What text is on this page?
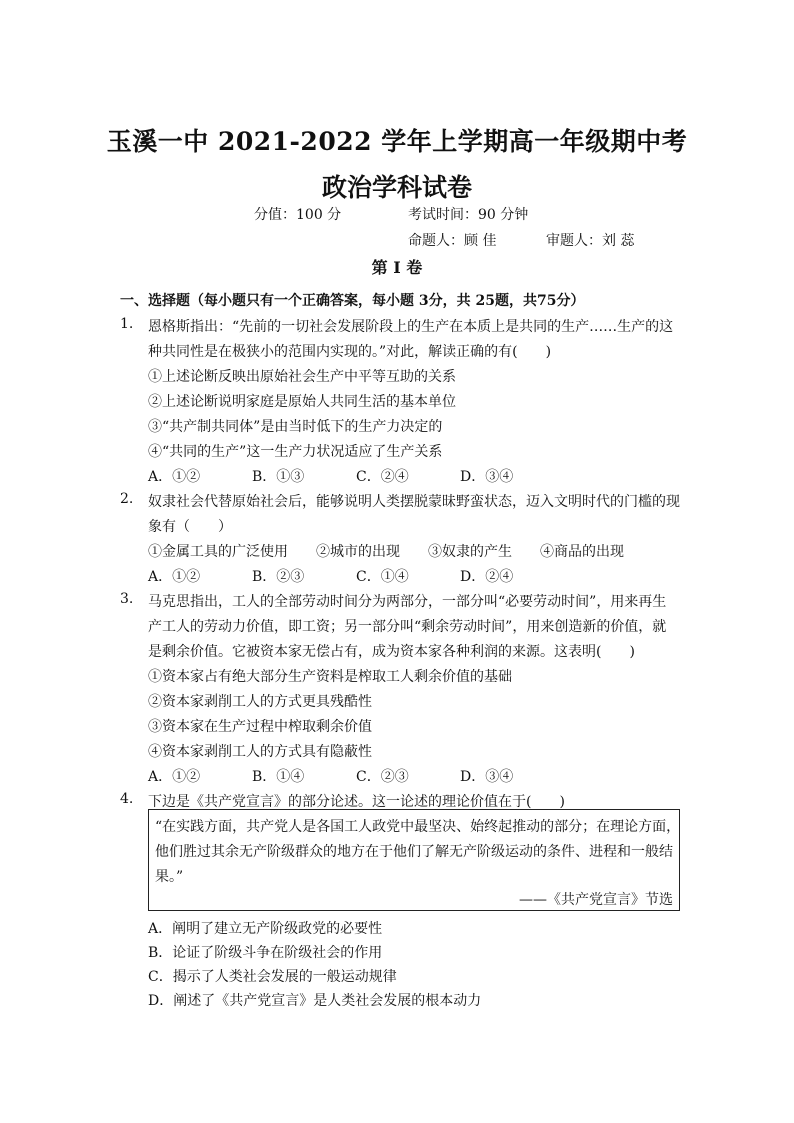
玉溪一中 2021-2022 学年上学期高一年级期中考
政治学科试卷
分值：100 分	考试时间：90 分钟
命题人：顾 佳	审题人：刘 蕊
第 I 卷
一、选择题（每小题只有一个正确答案，每小题 3分，共 25题，共75分）
1.	恩格斯指出：“先前的一切社会发展阶段上的生产在本质上是共同的生产……生产的这
种共同性是在极狭小的范围内实现的。”对此，解读正确的有(　　)
①上述论断反映出原始社会生产中平等互助的关系
②上述论断说明家庭是原始人共同生活的基本单位
③“共产制共同体”是由当时低下的生产力决定的
④“共同的生产”这一生产力状况适应了生产关系
A．①②	B．①③	C．②④	D．③④
2.	奴隶社会代替原始社会后，能够说明人类摆脱蒙昧野蛮状态，迈入文明时代的门槛的现
象有（　　）
①金属工具的广泛使用　　②城市的出现　　③奴隶的产生　　④商品的出现
A．①②	B．②③	C．①④	D．②④
3.	马克思指出，工人的全部劳动时间分为两部分，一部分叫“必要劳动时间”，用来再生
产工人的劳动力价值，即工资；另一部分叫“剩余劳动时间”，用来创造新的价值，就
是剩余价值。它被资本家无偿占有，成为资本家各种利润的来源。这表明(　　)
①资本家占有绝大部分生产资料是榨取工人剩余价值的基础
②资本家剥削工人的方式更具残酷性
③资本家在生产过程中榨取剩余价值
④资本家剥削工人的方式具有隐蔽性
A．①②	B．①④	C．②③	D．③④
4.	下边是《共产党宣言》的部分论述。这一论述的理论价值在于(　　)
“在实践方面，共产党人是各国工人政党中最坚决、始终起推动的部分；在理论方面，
他们胜过其余无产阶级群众的地方在于他们了解无产阶级运动的条件、进程和一般结
果。”
——《共产党宣言》节选
A．阐明了建立无产阶级政党的必要性
B．论证了阶级斗争在阶级社会的作用
C．揭示了人类社会发展的一般运动规律
D．阐述了《共产党宣言》是人类社会发展的根本动力
